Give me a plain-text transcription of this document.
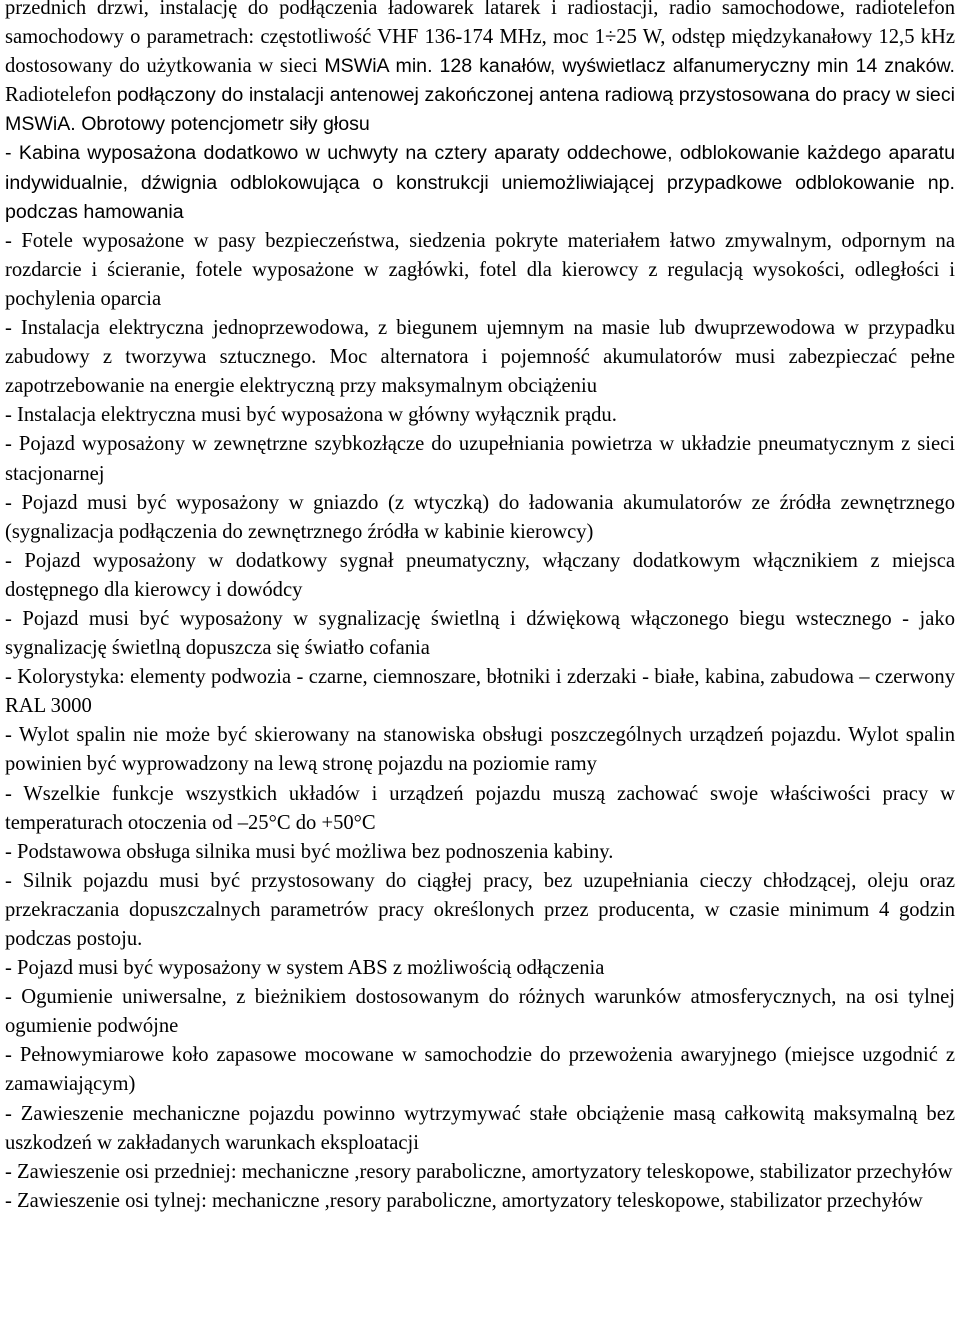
przednich drzwi, instalację do podłączenia ładowarek latarek i radiostacji, radio samochodowe, radiotelefon samochodowy o parametrach: częstotliwość VHF 136-174 MHz, moc 1÷25 W, odstęp międzykanałowy 12,5 kHz dostosowany do użytkowania w sieci MSWiA min. 128 kanałów, wyświetlacz alfanumeryczny min 14 znaków. Radiotelefon podłączony do instalacji antenowej zakończonej antena radiową przystosowana do pracy w sieci MSWiA. Obrotowy potencjometr siły głosu

- Kabina wyposażona dodatkowo w uchwyty na cztery aparaty oddechowe, odblokowanie każdego aparatu indywidualnie, dźwignia odblokowująca o konstrukcji uniemożliwiającej przypadkowe odblokowanie np. podczas hamowania

- Fotele wyposażone w pasy bezpieczeństwa, siedzenia pokryte materiałem łatwo zmywalnym, odpornym na rozdarcie i ścieranie, fotele wyposażone w zagłówki, fotel dla kierowcy z regulacją wysokości, odległości i pochylenia oparcia

- Instalacja elektryczna jednoprzewodowa, z biegunem ujemnym na masie lub dwuprzewodowa w przypadku zabudowy z tworzywa sztucznego. Moc alternatora i pojemność akumulatorów musi zabezpieczać pełne zapotrzebowanie na energie elektryczną przy maksymalnym obciążeniu

- Instalacja elektryczna musi być wyposażona w główny wyłącznik prądu.

- Pojazd wyposażony w zewnętrzne szybkozłącze do uzupełniania powietrza w układzie pneumatycznym z sieci stacjonarnej

- Pojazd musi być wyposażony w gniazdo (z wtyczką) do ładowania akumulatorów ze źródła zewnętrznego (sygnalizacja podłączenia do zewnętrznego źródła w kabinie kierowcy)

- Pojazd wyposażony w dodatkowy sygnał pneumatyczny, włączany dodatkowym włącznikiem z miejsca dostępnego dla kierowcy i dowódcy

- Pojazd musi być wyposażony w sygnalizację świetlną i dźwiękową włączonego biegu wstecznego - jako sygnalizację świetlną dopuszcza się światło cofania

- Kolorystyka: elementy podwozia - czarne, ciemnoszare, błotniki i zderzaki - białe, kabina, zabudowa – czerwony RAL 3000

- Wylot spalin nie może być skierowany na stanowiska obsługi poszczególnych urządzeń pojazdu. Wylot spalin powinien być wyprowadzony na lewą stronę pojazdu na poziomie ramy

- Wszelkie funkcje wszystkich układów i urządzeń pojazdu muszą zachować swoje właściwości pracy w temperaturach otoczenia od –25°C do +50°C

- Podstawowa obsługa silnika musi być możliwa bez podnoszenia kabiny.

- Silnik pojazdu musi być przystosowany do ciągłej pracy, bez uzupełniania cieczy chłodzącej, oleju oraz przekraczania dopuszczalnych parametrów pracy określonych przez producenta, w czasie minimum 4 godzin podczas postoju.

- Pojazd musi być wyposażony w system ABS z możliwością odłączenia

- Ogumienie uniwersalne, z bieżnikiem dostosowanym do różnych warunków atmosferycznych, na osi tylnej ogumienie podwójne

- Pełnowymiarowe koło zapasowe mocowane w samochodzie do przewożenia awaryjnego (miejsce uzgodnić z zamawiającym)

- Zawieszenie mechaniczne pojazdu powinno wytrzymywać stałe obciążenie masą całkowitą maksymalną bez uszkodzeń w zakładanych warunkach eksploatacji

- Zawieszenie osi przedniej: mechaniczne ,resory paraboliczne, amortyzatory teleskopowe, stabilizator przechyłów

- Zawieszenie osi tylnej: mechaniczne ,resory paraboliczne, amortyzatory teleskopowe, stabilizator przechyłów
